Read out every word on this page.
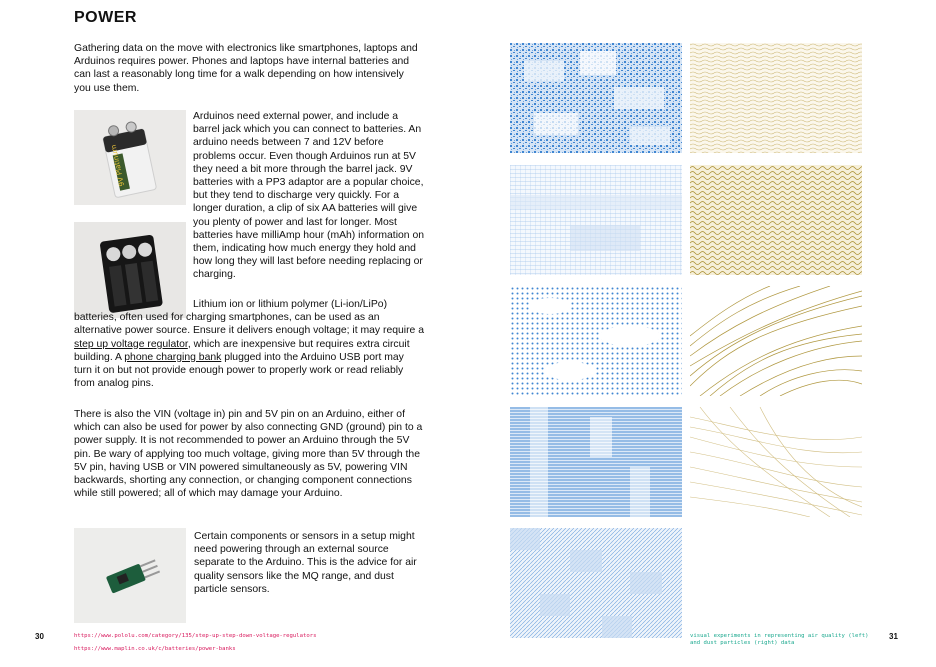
POWER

Gathering data on the move with electronics like smartphones, laptops and Arduinos requires power. Phones and laptops have internal batteries and can last a reasonably long time for a walk depending on how intensively you use them.

9V Platinum

Arduinos need external power, and include a barrel jack which you can connect to batteries. An arduino needs between 7 and 12V before problems occur. Even though Arduinos run at 5V they need a bit more through the barrel jack. 9V batteries with a PP3 adaptor are a popular choice, but they tend to discharge very quickly. For a longer duration, a clip of six AA batteries will give you plenty of power and last for longer. Most batteries have milliAmp hour (mAh) information on them, indicating how much energy they hold and how long they will last before needing replacing or charging.

Lithium ion or lithium polymer (Li-ion/LiPo) batteries, often used for charging smartphones, can be used as an alternative power source. Ensure it delivers enough voltage; it may require a step up voltage regulator, which are inexpensive but requires extra circuit building. A phone charging bank plugged into the Arduino USB port may turn it on but not provide enough power to properly work or read reliably from analog pins.

There is also the VIN (voltage in) pin and 5V pin on an Arduino, either of which can also be used for power by also connecting GND (ground) pin to a power supply. It is not recommended to power an Arduino through the 5V pin. Be wary of applying too much voltage, giving more than 5V through the 5V pin, having USB or VIN powered simultaneously as 5V, powering VIN backwards, shorting any connection, or changing component connections while still powered; all of which may damage your Arduino.

Certain components or sensors in a setup might need powering through an external source separate to the Arduino. This is the advice for air quality sensors like the MQ range, and dust particle sensors.

30	https://www.pololu.com/category/135/step-up-step-down-voltage-regulators
https://www.maplin.co.uk/c/batteries/power-banks
visual experiments in representing air quality (left)
and dust particles (right) data
31
